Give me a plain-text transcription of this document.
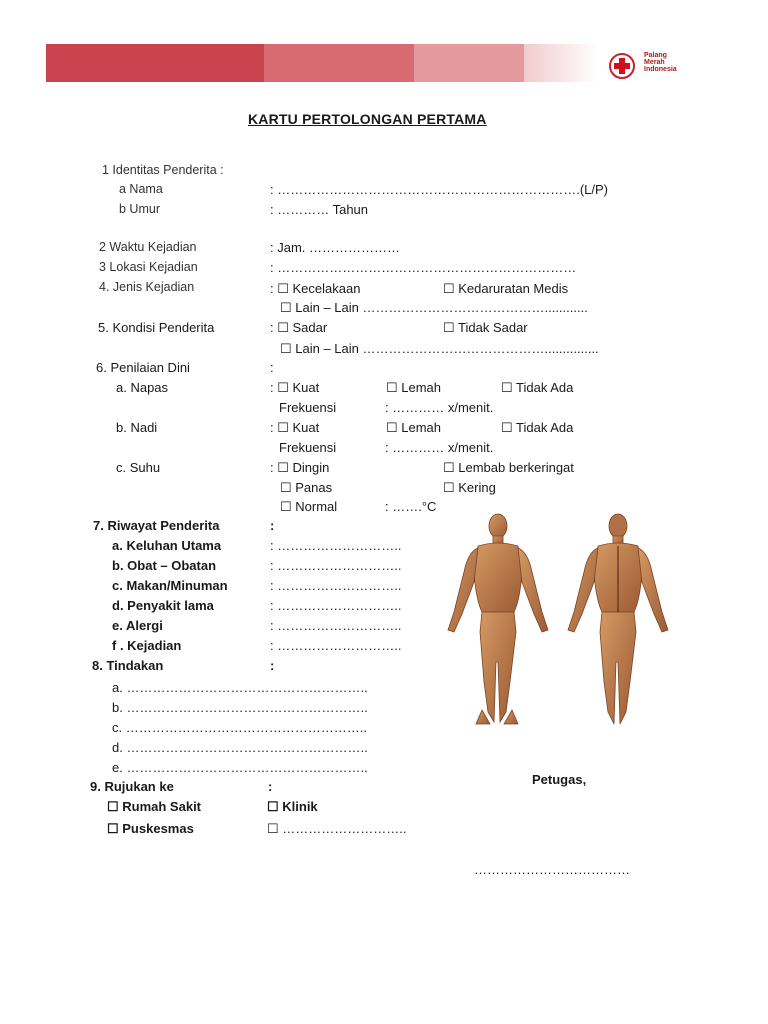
Palang Merah Indonesia
KARTU PERTOLONGAN PERTAMA
1 Identitas Penderita :
a Nama	: …………………………………………………………….(L/P)
b Umur	: ………… Tahun
2 Waktu Kejadian	: Jam. …………………
3 Lokasi Kejadian	: ……………………………………………………………
4. Jenis Kejadian	: ☐ Kecelakaan	☐ Kedaruratan Medis
☐ Lain – Lain ……………………………………............
5. Kondisi Penderita	: ☐ Sadar	☐ Tidak Sadar
☐ Lain – Lain ……………………………………...............
6. Penilaian Dini	:
a. Napas	: ☐ Kuat	☐ Lemah	☐ Tidak Ada
Frekuensi	: ………… x/menit.
b. Nadi	: ☐ Kuat	☐ Lemah	☐ Tidak Ada
Frekuensi	: ………… x/menit.
c. Suhu	: ☐ Dingin	☐ Lembab berkeringat
☐ Panas	☐ Kering
☐ Normal	: …….°C
7. Riwayat Penderita	:
a. Keluhan Utama	: ………………………..
b. Obat – Obatan	: ………………………..
c. Makan/Minuman	: ………………………..
d. Penyakit lama	: ………………………..
e. Alergi	: ………………………..
f . Kejadian	: ………………………..
8. Tindakan	:
a. ………………………………………………..
b. ………………………………………………..
c. ………………………………………………..
d. ………………………………………………..
e. ………………………………………………..
9. Rujukan ke	:
☐ Rumah Sakit	☐ Klinik
☐ Puskesmas	☐ ………………………..
Petugas,
………………………………
